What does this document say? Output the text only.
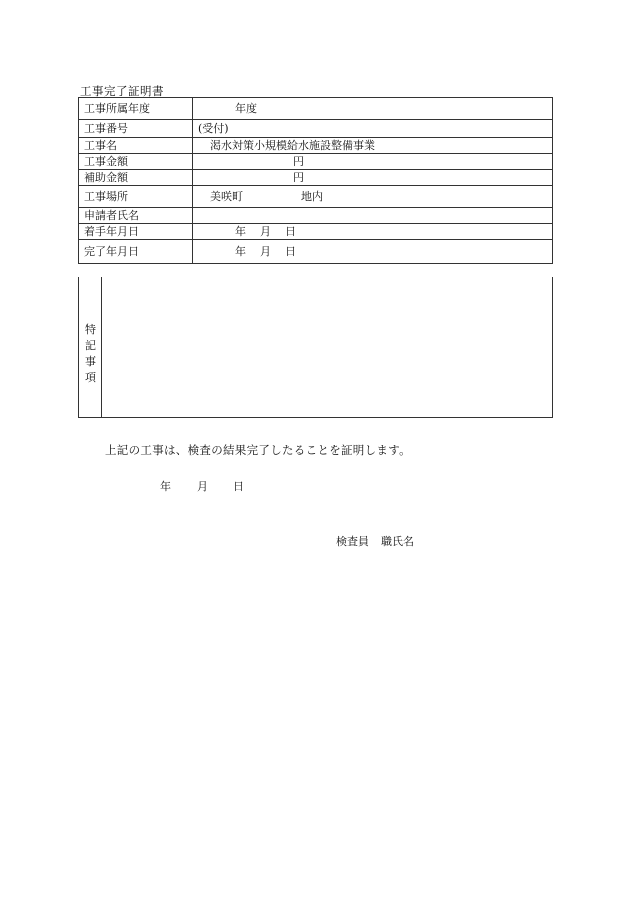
工事完了証明書
工事所属年度	年度
工事番号	(受付)
工事名	渇水対策小規模給水施設整備事業
工事金額	円
補助金額	円
工事場所	美咲町 地内
申請者氏名	
着手年月日	年 月 日
完了年月日	年 月 日
特
記
事
項
上記の工事は、検査の結果完了したることを証明します。
年 月 日
検査員 職氏名
